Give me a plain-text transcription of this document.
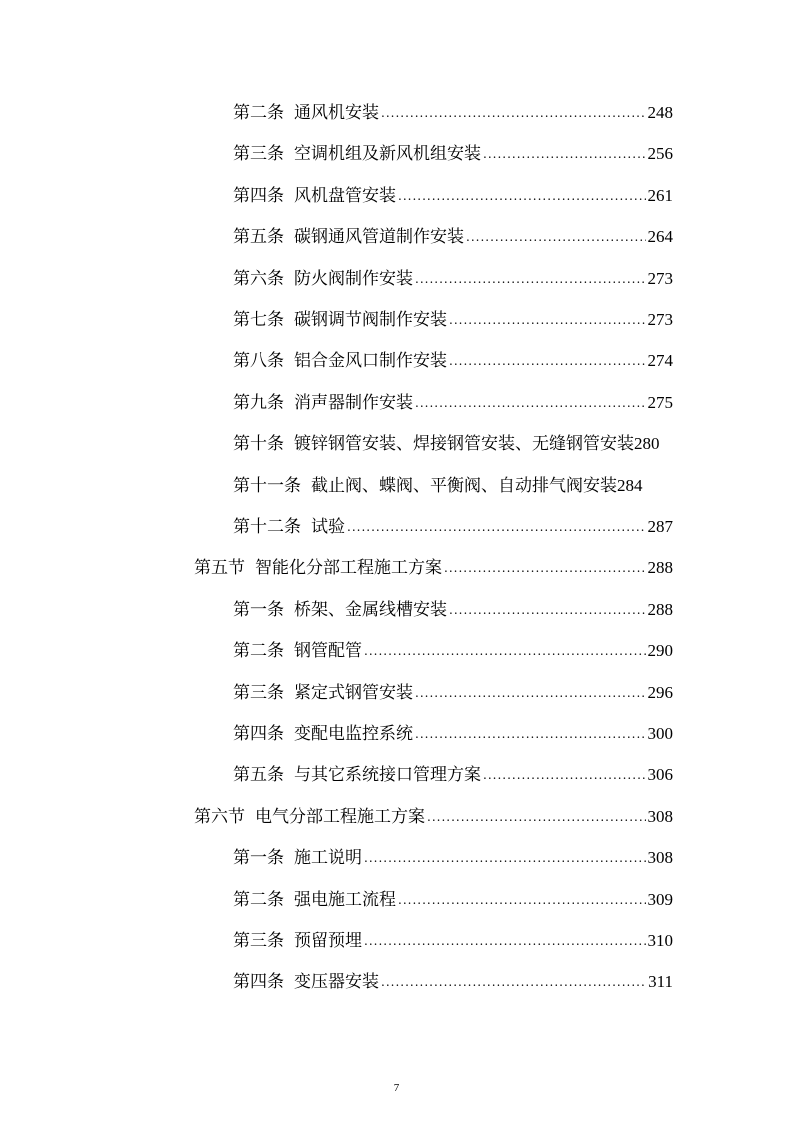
第二条 通风机安装 .....	248
第三条 空调机组及新风机组安装 .....	256
第四条 风机盘管安装 .....	261
第五条 碳钢通风管道制作安装 .....	264
第六条 防火阀制作安装 .....	273
第七条 碳钢调节阀制作安装 .....	273
第八条 铝合金风口制作安装 .....	274
第九条 消声器制作安装 .....	275
第十条 镀锌钢管安装、焊接钢管安装、无缝钢管安装 280
第十一条 截止阀、蝶阀、平衡阀、自动排气阀安装 284
第十二条 试验 .....	287
第五节 智能化分部工程施工方案 .....	288
第一条 桥架、金属线槽安装 .....	288
第二条 钢管配管 .....	290
第三条 紧定式钢管安装 .....	296
第四条 变配电监控系统 .....	300
第五条 与其它系统接口管理方案 .....	306
第六节 电气分部工程施工方案 .....	308
第一条 施工说明 .....	308
第二条 强电施工流程 .....	309
第三条 预留预埋 .....	310
第四条 变压器安装 .....	311
7
